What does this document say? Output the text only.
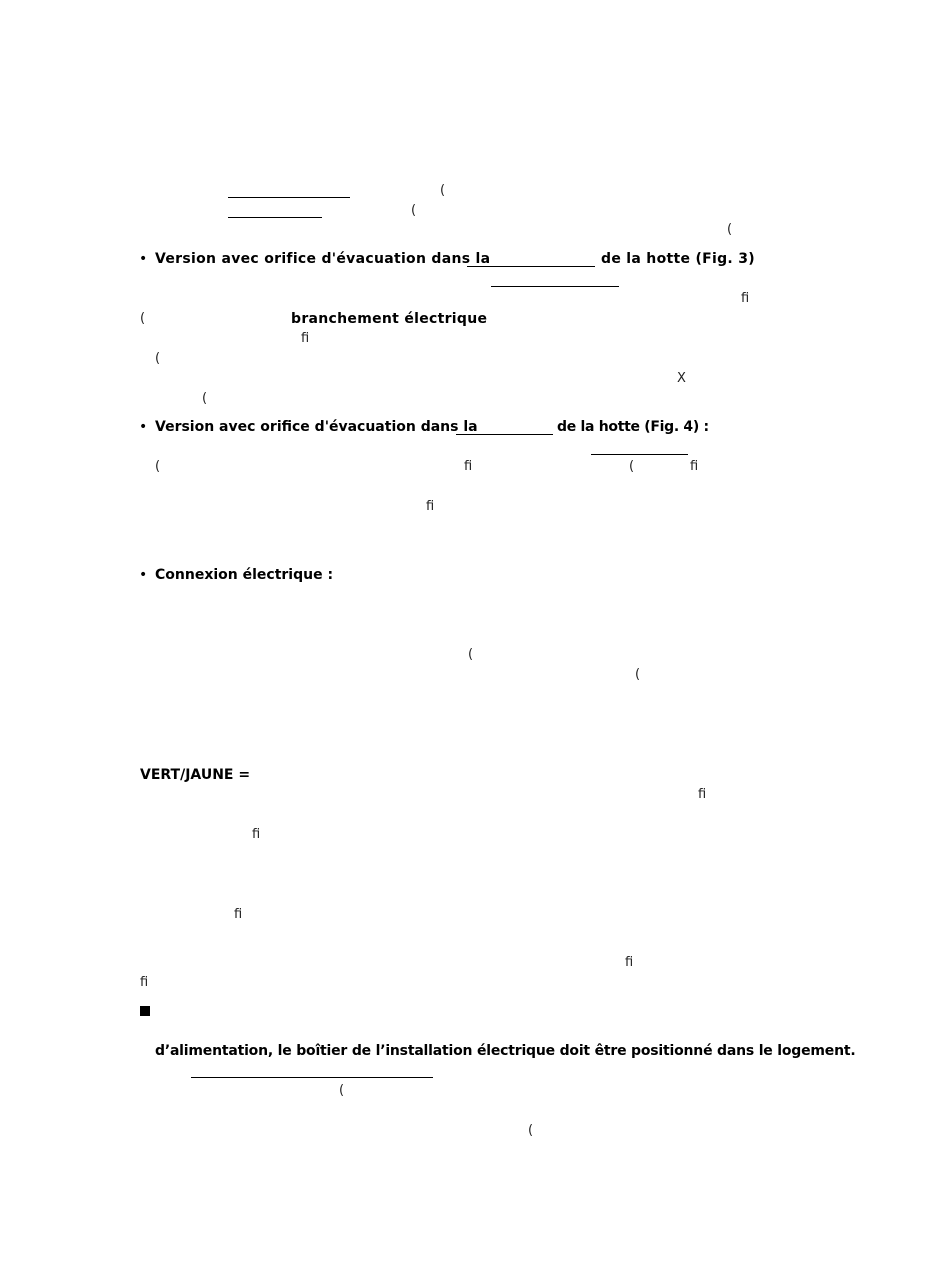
(
(
(
• Version avec orifice d'évacuation dans la	de la hotte (Fig. 3)
ﬁ
(	branchement électrique
ﬁ
(
X
(
• Version avec orifice d'évacuation dans la	de la hotte (Fig. 4) :
(	ﬁ	(	ﬁ
ﬁ
• Connexion électrique :
(
(
VERT/JAUNE =
ﬁ
ﬁ
ﬁ
ﬁ
ﬁ
d’alimentation, le boîtier de l’installation électrique doit être positionné dans le logement.
(
(
